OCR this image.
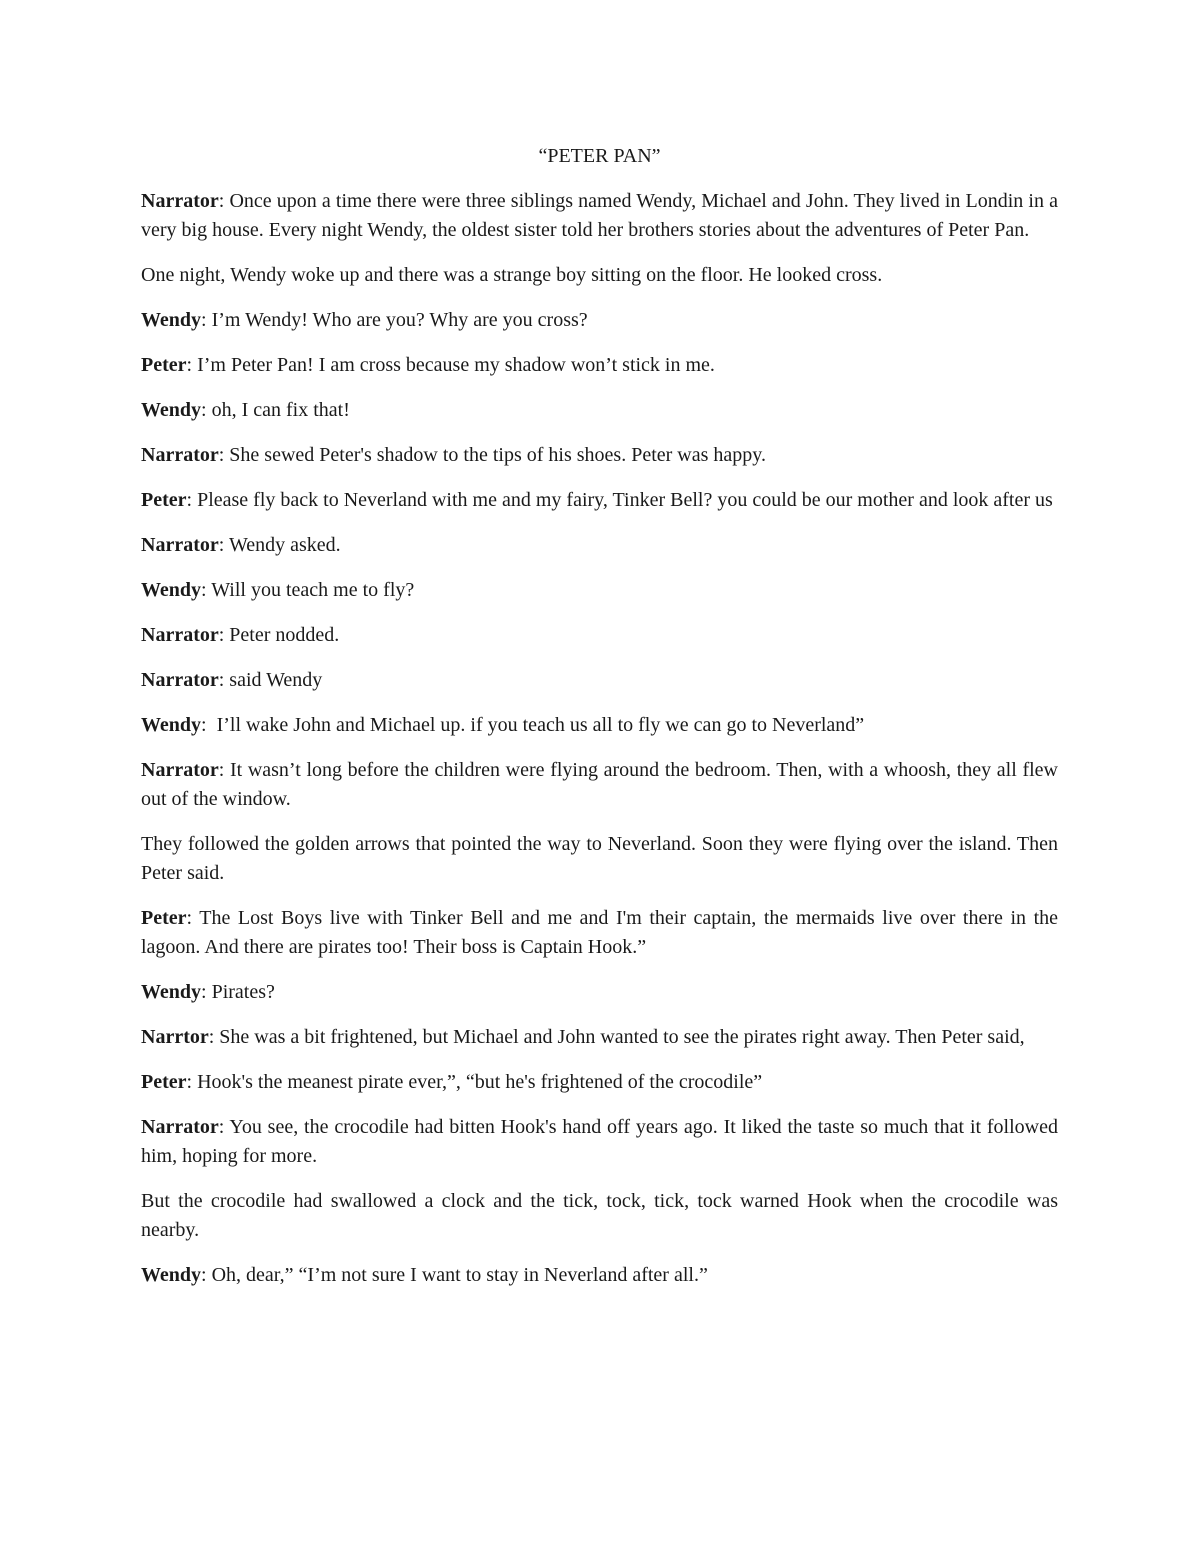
“PETER PAN”

Narrator: Once upon a time there were three siblings named Wendy, Michael and John. They lived in Londin in a very big house. Every night Wendy, the oldest sister told her brothers stories about the adventures of Peter Pan.

One night, Wendy woke up and there was a strange boy sitting on the floor. He looked cross.

Wendy: I’m Wendy! Who are you? Why are you cross?

Peter: I’m Peter Pan! I am cross because my shadow won’t stick in me.

Wendy: oh, I can fix that!

Narrator: She sewed Peter's shadow to the tips of his shoes. Peter was happy.

Peter: Please fly back to Neverland with me and my fairy, Tinker Bell? you could be our mother and look after us

Narrator: Wendy asked.

Wendy: Will you teach me to fly?

Narrator: Peter nodded.

Narrator: said Wendy

Wendy:  I’ll wake John and Michael up. if you teach us all to fly we can go to Neverland”

Narrator: It wasn’t long before the children were flying around the bedroom. Then, with a whoosh, they all flew out of the window.

They followed the golden arrows that pointed the way to Neverland. Soon they were flying over the island. Then Peter said.

Peter: The Lost Boys live with Tinker Bell and me and I'm their captain, the mermaids live over there in the lagoon. And there are pirates too! Their boss is Captain Hook.”

Wendy: Pirates?

Narrtor: She was a bit frightened, but Michael and John wanted to see the pirates right away. Then Peter said,

Peter: Hook's the meanest pirate ever,”, “but he's frightened of the crocodile”

Narrator: You see, the crocodile had bitten Hook's hand off years ago. It liked the taste so much that it followed him, hoping for more.

But the crocodile had swallowed a clock and the tick, tock, tick, tock warned Hook when the crocodile was nearby.

Wendy: Oh, dear,” “I’m not sure I want to stay in Neverland after all.”
